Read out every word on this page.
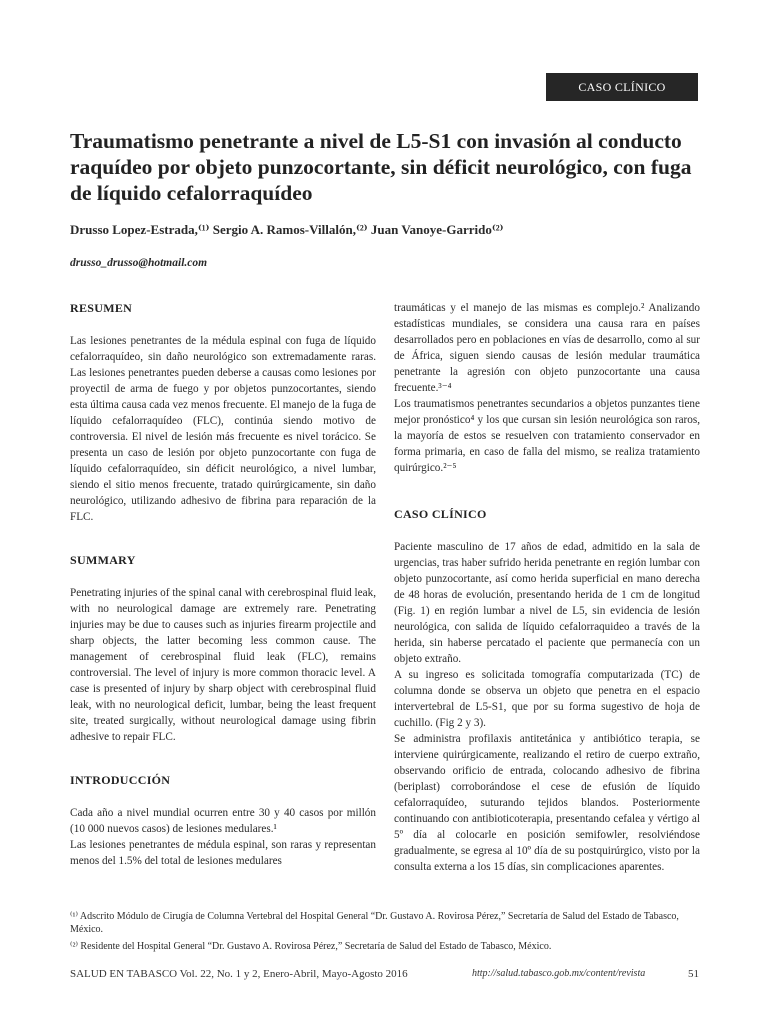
CASO CLÍNICO
Traumatismo penetrante a nivel de L5-S1 con invasión al conducto raquídeo por objeto punzocortante, sin déficit neurológico, con fuga de líquido cefalorraquídeo
Drusso Lopez-Estrada,⁽¹⁾ Sergio A. Ramos-Villalón,⁽²⁾ Juan Vanoye-Garrido⁽²⁾
drusso_drusso@hotmail.com
RESUMEN

Las lesiones penetrantes de la médula espinal con fuga de líquido cefalorraquídeo, sin daño neurológico son extremadamente raras. Las lesiones penetrantes pueden deberse a causas como lesiones por proyectil de arma de fuego y por objetos punzocortantes, siendo esta última causa cada vez menos frecuente. El manejo de la fuga de líquido cefalorraquídeo (FLC), continúa siendo motivo de controversia. El nivel de lesión más frecuente es nivel torácico. Se presenta un caso de lesión por objeto punzocortante con fuga de líquido cefalorraquídeo, sin déficit neurológico, a nivel lumbar, siendo el sitio menos frecuente, tratado quirúrgicamente, sin daño neurológico, utilizando adhesivo de fibrina para reparación de la FLC.

SUMMARY

Penetrating injuries of the spinal canal with cerebrospinal fluid leak, with no neurological damage are extremely rare. Penetrating injuries may be due to causes such as injuries firearm projectile and sharp objects, the latter becoming less common cause. The management of cerebrospinal fluid leak (FLC), remains controversial. The level of injury is more common thoracic level. A case is presented of injury by sharp object with cerebrospinal fluid leak, with no neurological deficit, lumbar, being the least frequent site, treated surgically, without neurological damage using fibrin adhesive to repair FLC.

INTRODUCCIÓN

Cada año a nivel mundial ocurren entre 30 y 40 casos por millón (10 000 nuevos casos) de lesiones medulares.¹

Las lesiones penetrantes de médula espinal, son raras y representan menos del 1.5% del total de lesiones medulares

traumáticas y el manejo de las mismas es complejo.² Analizando estadísticas mundiales, se considera una causa rara en países desarrollados pero en poblaciones en vías de desarrollo, como al sur de África, siguen siendo causas de lesión medular traumática penetrante la agresión con objeto punzocortante una causa frecuente.³⁻⁴

Los traumatismos penetrantes secundarios a objetos punzantes tiene mejor pronóstico⁴ y los que cursan sin lesión neurológica son raros, la mayoría de estos se resuelven con tratamiento conservador en forma primaria, en caso de falla del mismo, se realiza tratamiento quirúrgico.²⁻⁵

CASO CLÍNICO

Paciente masculino de 17 años de edad, admitido en la sala de urgencias, tras haber sufrido herida penetrante en región lumbar con objeto punzocortante, así como herida superficial en mano derecha de 48 horas de evolución, presentando herida de 1 cm de longitud (Fig. 1) en región lumbar a nivel de L5, sin evidencia de lesión neurológica, con salida de líquido cefalorraquideo a través de la herida, sin haberse percatado el paciente que permanecía con un objeto extraño.

A su ingreso es solicitada tomografía computarizada (TC) de columna donde se observa un objeto que penetra en el espacio intervertebral de L5-S1, que por su forma sugestivo de hoja de cuchillo. (Fig 2 y 3).

Se administra profilaxis antitetánica y antibiótico terapia, se interviene quirúrgicamente, realizando el retiro de cuerpo extraño, observando orificio de entrada, colocando adhesivo de fibrina (beriplast) corroborándose el cese de efusión de líquido cefalorraquídeo, suturando tejidos blandos. Posteriormente continuando con antibioticoterapia, presentando cefalea y vértigo al 5º día al colocarle en posición semifowler, resolviéndose gradualmente, se egresa al 10º día de su postquirúrgico, visto por la consulta externa a los 15 días, sin complicaciones aparentes.

⁽¹⁾ Adscrito Módulo de Cirugía de Columna Vertebral del Hospital General “Dr. Gustavo A. Rovirosa Pérez,” Secretaría de Salud del Estado de Tabasco, México.

⁽²⁾ Residente del Hospital General “Dr. Gustavo A. Rovirosa Pérez,” Secretaría de Salud del Estado de Tabasco, México.

SALUD EN TABASCO Vol. 22, No. 1 y 2, Enero-Abril, Mayo-Agosto 2016	http://salud.tabasco.gob.mx/content/revista	51
